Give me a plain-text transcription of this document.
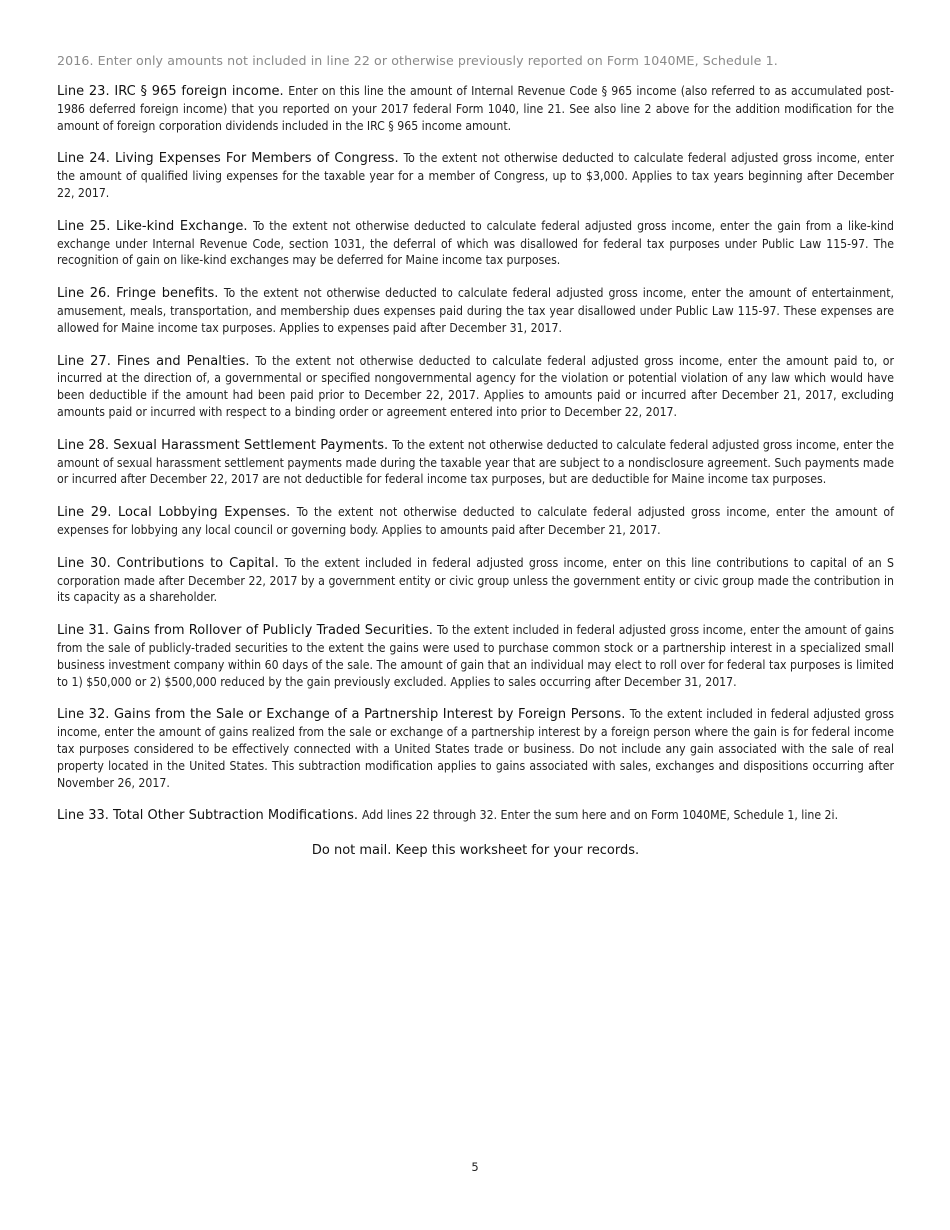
2016. Enter only amounts not included in line 22 or otherwise previously reported on Form 1040ME, Schedule 1.

Line 23. IRC § 965 foreign income. Enter on this line the amount of Internal Revenue Code § 965 income (also referred to as accumulated post-1986 deferred foreign income) that you reported on your 2017 federal Form 1040, line 21. See also line 2 above for the addition modification for the amount of foreign corporation dividends included in the IRC § 965 income amount.

Line 24. Living Expenses For Members of Congress. To the extent not otherwise deducted to calculate federal adjusted gross income, enter the amount of qualified living expenses for the taxable year for a member of Congress, up to $3,000. Applies to tax years beginning after December 22, 2017.

Line 25. Like-kind Exchange. To the extent not otherwise deducted to calculate federal adjusted gross income, enter the gain from a like-kind exchange under Internal Revenue Code, section 1031, the deferral of which was disallowed for federal tax purposes under Public Law 115-97. The recognition of gain on like-kind exchanges may be deferred for Maine income tax purposes.

Line 26. Fringe benefits. To the extent not otherwise deducted to calculate federal adjusted gross income, enter the amount of entertainment, amusement, meals, transportation, and membership dues expenses paid during the tax year disallowed under Public Law 115-97. These expenses are allowed for Maine income tax purposes. Applies to expenses paid after December 31, 2017.

Line 27. Fines and Penalties. To the extent not otherwise deducted to calculate federal adjusted gross income, enter the amount paid to, or incurred at the direction of, a governmental or specified nongovernmental agency for the violation or potential violation of any law which would have been deductible if the amount had been paid prior to December 22, 2017. Applies to amounts paid or incurred after December 21, 2017, excluding amounts paid or incurred with respect to a binding order or agreement entered into prior to December 22, 2017.

Line 28. Sexual Harassment Settlement Payments. To the extent not otherwise deducted to calculate federal adjusted gross income, enter the amount of sexual harassment settlement payments made during the taxable year that are subject to a nondisclosure agreement. Such payments made or incurred after December 22, 2017 are not deductible for federal income tax purposes, but are deductible for Maine income tax purposes.

Line 29. Local Lobbying Expenses. To the extent not otherwise deducted to calculate federal adjusted gross income, enter the amount of expenses for lobbying any local council or governing body. Applies to amounts paid after December 21, 2017.

Line 30. Contributions to Capital. To the extent included in federal adjusted gross income, enter on this line contributions to capital of an S corporation made after December 22, 2017 by a government entity or civic group unless the government entity or civic group made the contribution in its capacity as a shareholder.

Line 31. Gains from Rollover of Publicly Traded Securities. To the extent included in federal adjusted gross income, enter the amount of gains from the sale of publicly-traded securities to the extent the gains were used to purchase common stock or a partnership interest in a specialized small business investment company within 60 days of the sale. The amount of gain that an individual may elect to roll over for federal tax purposes is limited to 1) $50,000 or 2) $500,000 reduced by the gain previously excluded. Applies to sales occurring after December 31, 2017.

Line 32. Gains from the Sale or Exchange of a Partnership Interest by Foreign Persons. To the extent included in federal adjusted gross income, enter the amount of gains realized from the sale or exchange of a partnership interest by a foreign person where the gain is for federal income tax purposes considered to be effectively connected with a United States trade or business. Do not include any gain associated with the sale of real property located in the United States. This subtraction modification applies to gains associated with sales, exchanges and dispositions occurring after November 26, 2017.

Line 33. Total Other Subtraction Modifications. Add lines 22 through 32. Enter the sum here and on Form 1040ME, Schedule 1, line 2i.

Do not mail. Keep this worksheet for your records.

5
